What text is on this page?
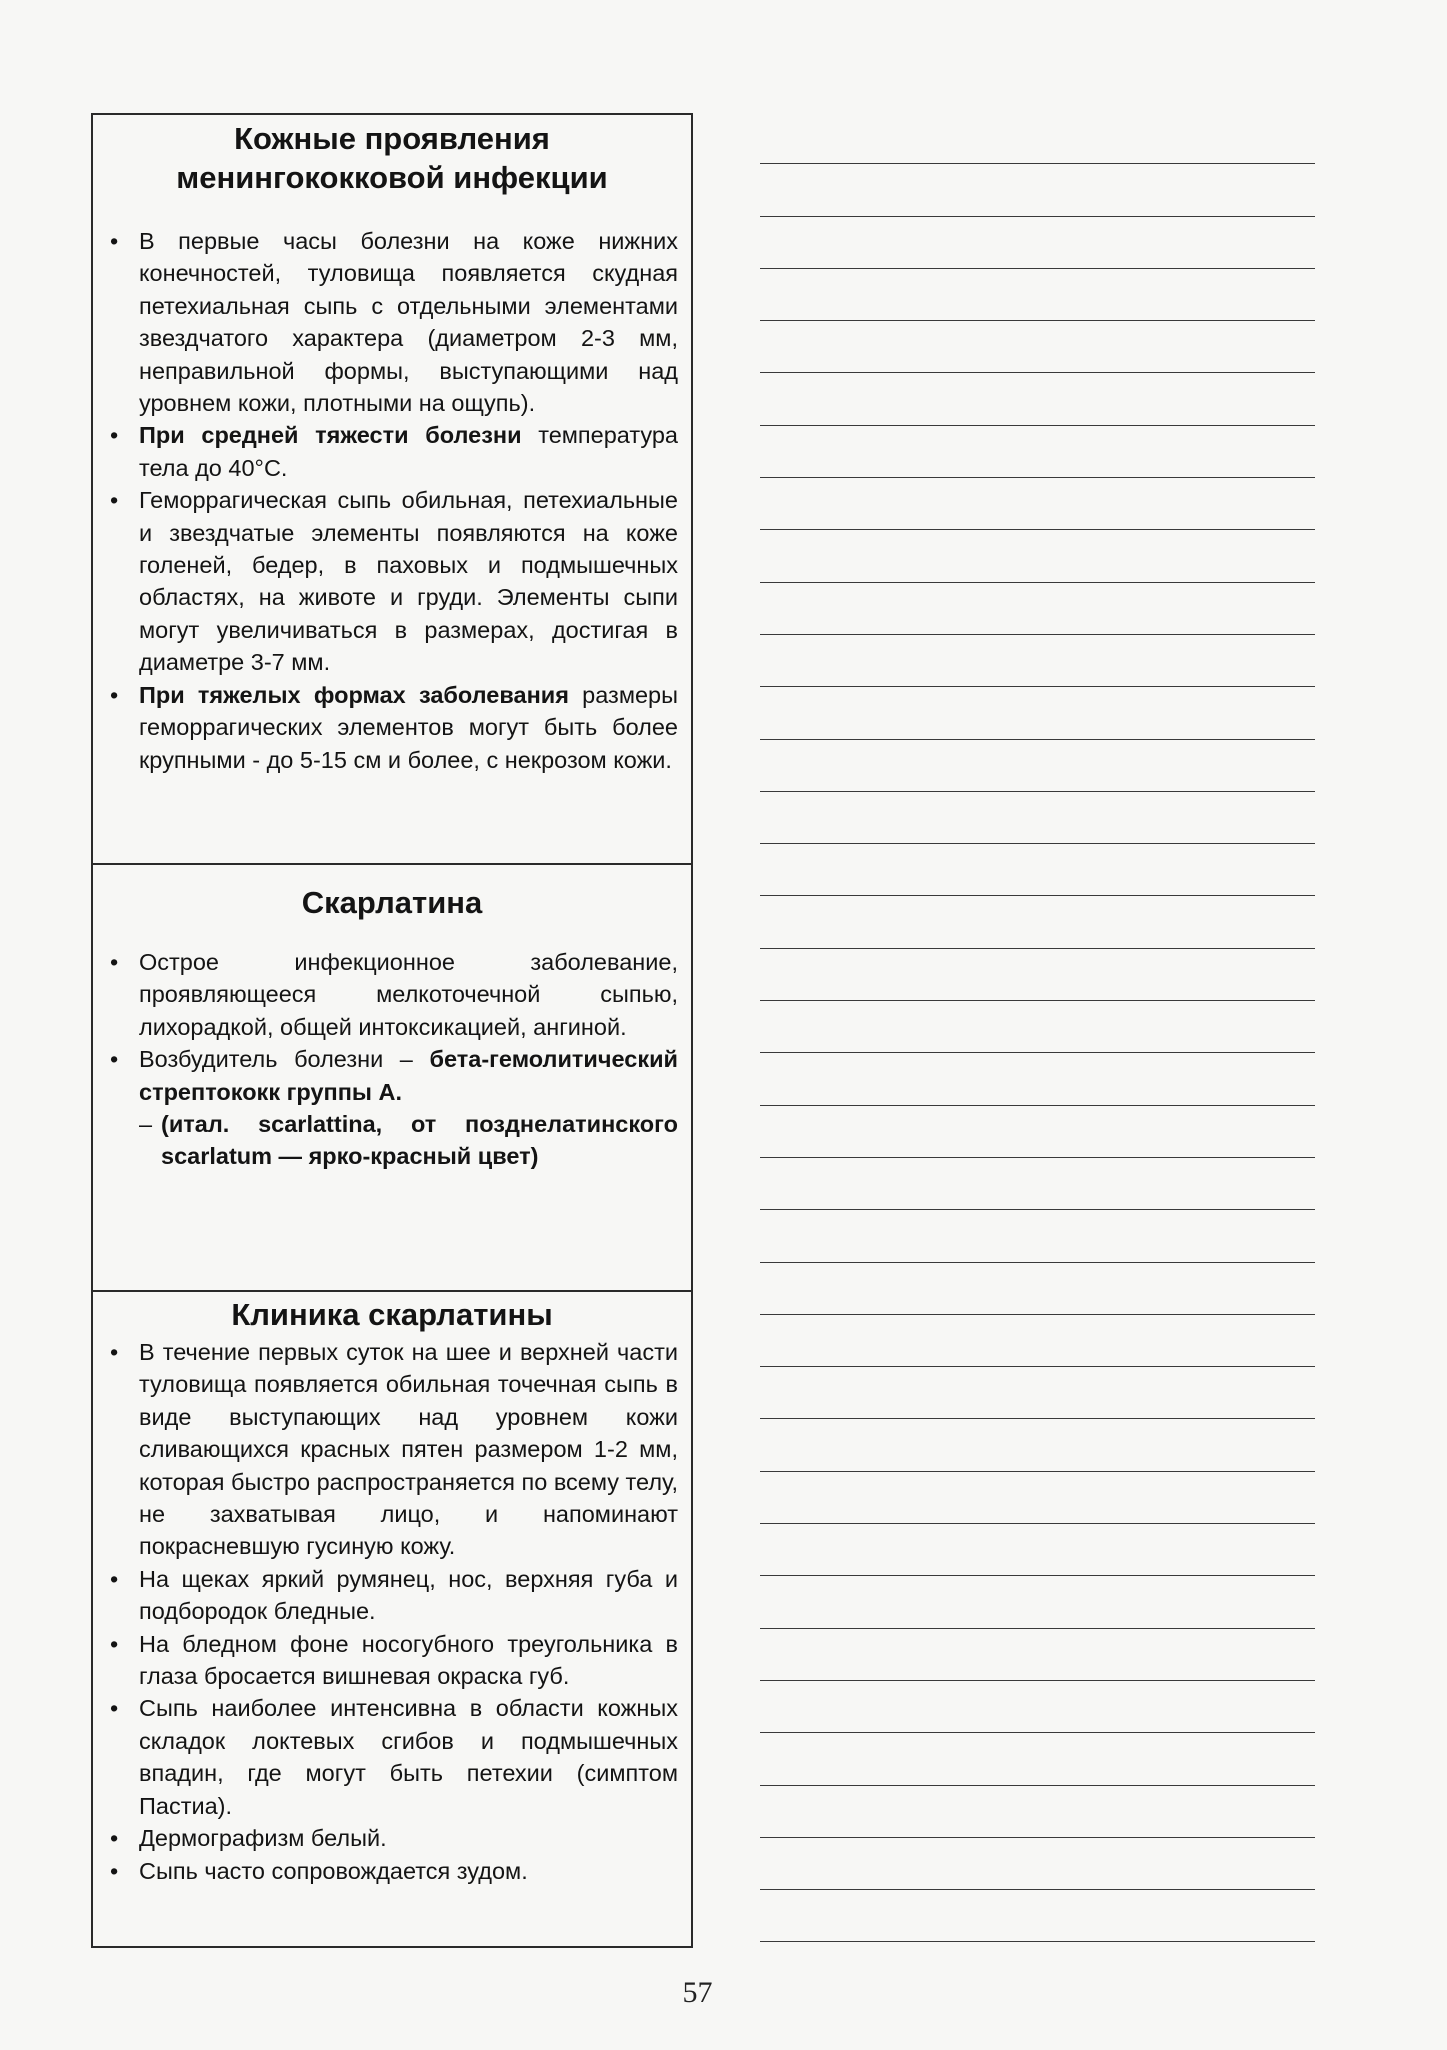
Кожные проявления
менингококковой инфекции
• В первые часы болезни на коже нижних конечностей, туловища появляется скудная петехиальная сыпь с отдельными элементами звездчатого характера (диаметром 2-3 мм, неправильной формы, выступающими над уровнем кожи, плотными на ощупь).
• При средней тяжести болезни температура тела до 40°С.
• Геморрагическая сыпь обильная, петехиальные и звездчатые элементы появляются на коже голеней, бедер, в паховых и подмышечных областях, на животе и груди. Элементы сыпи могут увеличиваться в размерах, достигая в диаметре 3-7 мм.
• При тяжелых формах заболевания размеры геморрагических элементов могут быть более крупными - до 5-15 см и более, с некрозом кожи.
Скарлатина
• Острое инфекционное заболевание, проявляющееся мелкоточечной сыпью, лихорадкой, общей интоксикацией, ангиной.
• Возбудитель болезни – бета-гемолитический стрептококк группы А.
– (итал. scarlattina, от позднелатинского scarlatum — ярко-красный цвет)
Клиника скарлатины
• В течение первых суток на шее и верхней части туловища появляется обильная точечная сыпь в виде выступающих над уровнем кожи сливающихся красных пятен размером 1-2 мм, которая быстро распространяется по всему телу, не захватывая лицо, и напоминают покрасневшую гусиную кожу.
• На щеках яркий румянец, нос, верхняя губа и подбородок бледные.
• На бледном фоне носогубного треугольника в глаза бросается вишневая окраска губ.
• Сыпь наиболее интенсивна в области кожных складок локтевых сгибов и подмышечных впадин, где могут быть петехии (симптом Пастиа).
• Дермографизм белый.
• Сыпь часто сопровождается зудом.
57
